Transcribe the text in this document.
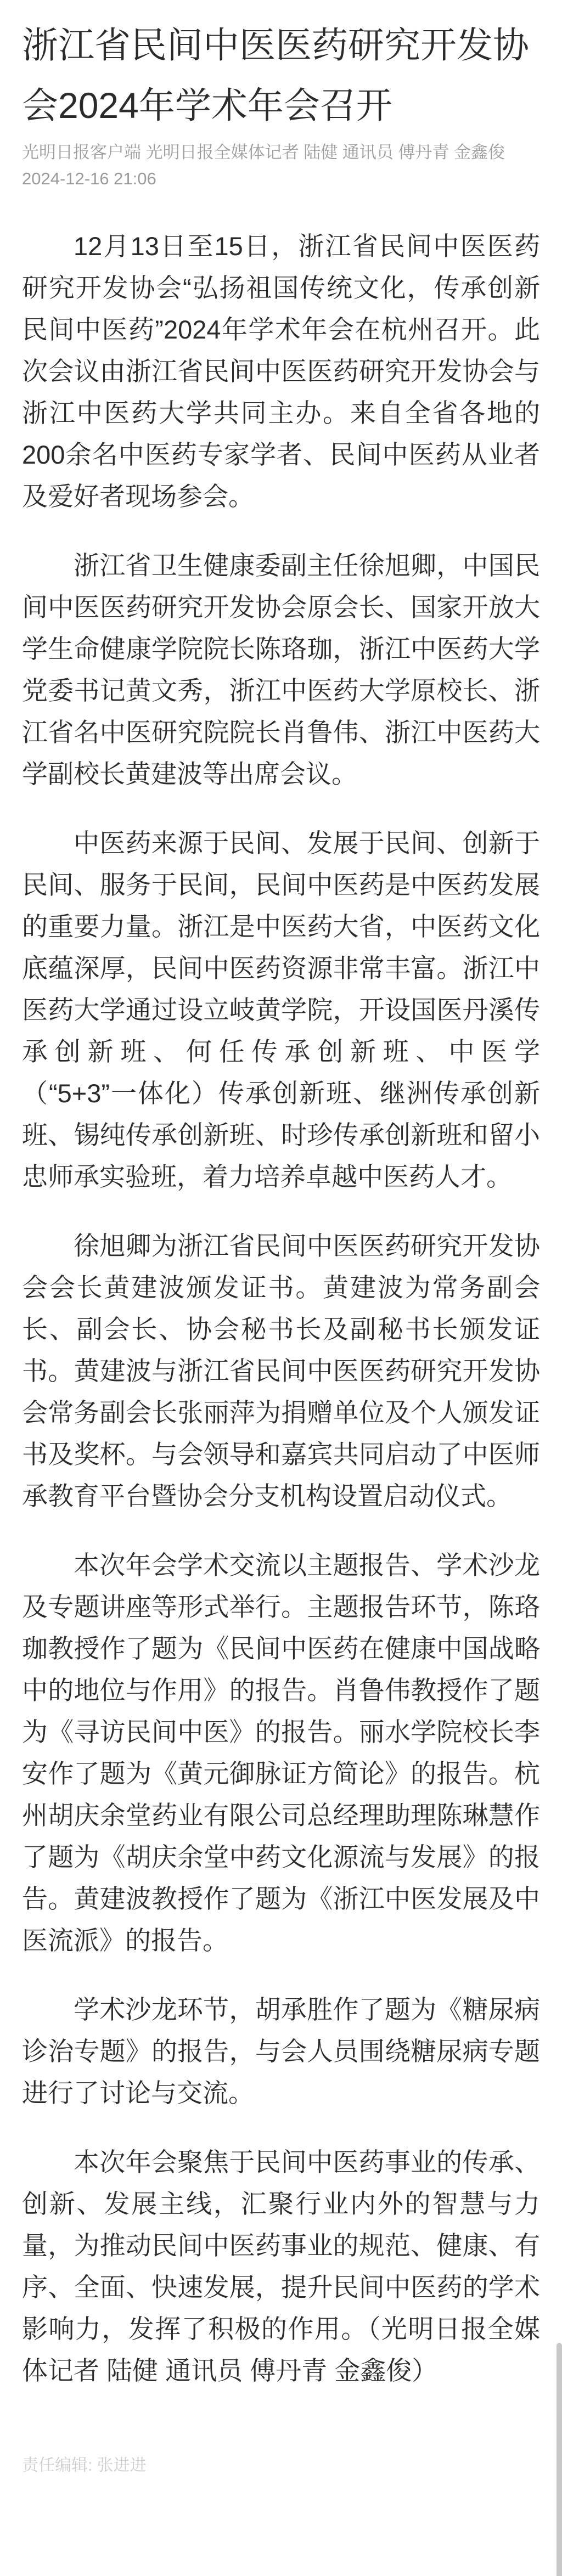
浙江省民间中医医药研究开发协会2024年学术年会召开
光明日报客户端 光明日报全媒体记者 陆健 通讯员 傅丹青 金鑫俊
2024-12-16 21:06

12月13日至15日，浙江省民间中医医药研究开发协会“弘扬祖国传统文化，传承创新民间中医药”2024年学术年会在杭州召开。此次会议由浙江省民间中医医药研究开发协会与浙江中医药大学共同主办。来自全省各地的200余名中医药专家学者、民间中医药从业者及爱好者现场参会。

浙江省卫生健康委副主任徐旭卿，中国民间中医医药研究开发协会原会长、国家开放大学生命健康学院院长陈珞珈，浙江中医药大学党委书记黄文秀，浙江中医药大学原校长、浙江省名中医研究院院长肖鲁伟、浙江中医药大学副校长黄建波等出席会议。

中医药来源于民间、发展于民间、创新于民间、服务于民间，民间中医药是中医药发展的重要力量。浙江是中医药大省，中医药文化底蕴深厚，民间中医药资源非常丰富。浙江中医药大学通过设立岐黄学院，开设国医丹溪传承创新班、何任传承创新班、中医学（“5+3”一体化）传承创新班、继洲传承创新班、锡纯传承创新班、时珍传承创新班和留小忠师承实验班，着力培养卓越中医药人才。

徐旭卿为浙江省民间中医医药研究开发协会会长黄建波颁发证书。黄建波为常务副会长、副会长、协会秘书长及副秘书长颁发证书。黄建波与浙江省民间中医医药研究开发协会常务副会长张丽萍为捐赠单位及个人颁发证书及奖杯。与会领导和嘉宾共同启动了中医师承教育平台暨协会分支机构设置启动仪式。

本次年会学术交流以主题报告、学术沙龙及专题讲座等形式举行。主题报告环节，陈珞珈教授作了题为《民间中医药在健康中国战略中的地位与作用》的报告。肖鲁伟教授作了题为《寻访民间中医》的报告。丽水学院校长李安作了题为《黄元御脉证方简论》的报告。杭州胡庆余堂药业有限公司总经理助理陈琳慧作了题为《胡庆余堂中药文化源流与发展》的报告。黄建波教授作了题为《浙江中医发展及中医流派》的报告。

学术沙龙环节，胡承胜作了题为《糖尿病诊治专题》的报告，与会人员围绕糖尿病专题进行了讨论与交流。

本次年会聚焦于民间中医药事业的传承、创新、发展主线，汇聚行业内外的智慧与力量，为推动民间中医药事业的规范、健康、有序、全面、快速发展，提升民间中医药的学术影响力，发挥了积极的作用。（光明日报全媒体记者 陆健 通讯员 傅丹青 金鑫俊）

责任编辑: 张进进
